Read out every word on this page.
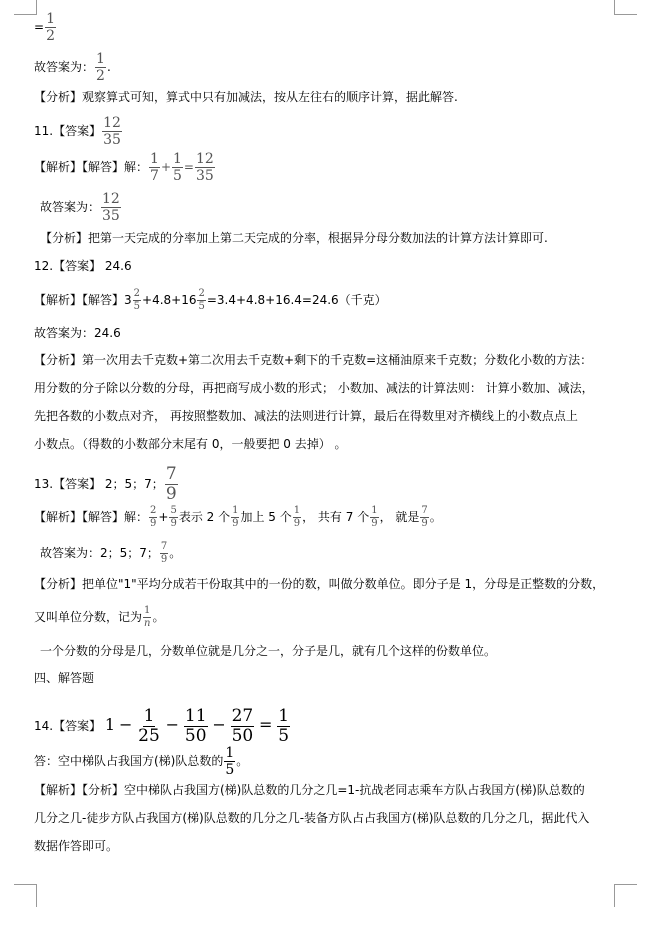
= $\frac{1}{2}$
故答案为： $\frac{1}{2}$ .
【分析】观察算式可知，算式中只有加减法，按从左往右的顺序计算，据此解答.
11.【答案】 $\frac{12}{35}$
【解析】【解答】解： $\frac{1}{7} + \frac{1}{5} = \frac{12}{35}$
故答案为： $\frac{12}{35}$
【分析】把第一天完成的分率加上第二天完成的分率，根据异分母分数加法的计算方法计算即可.
12.【答案】 24.6
【解析】【解答】$3 \frac{2}{5} +4.8+16 \frac{2}{5} =3.4+4.8+16.4=24.6$（千克）
故答案为：24.6
【分析】第一次用去千克数+第二次用去千克数+剩下的千克数=这桶油原来千克数；分数化小数的方法：
用分数的分子除以分数的分母，再把商写成小数的形式； 小数加、减法的计算法则： 计算小数加、减法，
先把各数的小数点对齐， 再按照整数加、减法的法则进行计算，最后在得数里对齐横线上的小数点点上
小数点。（得数的小数部分末尾有 0，一般要把 0 去掉） 。
13.【答案】 2；5；7； $\frac{7}{9}$
【解析】【解答】解： $\frac{2}{9} + \frac{5}{9}$ 表示 2 个 $\frac{1}{9}$ 加上 5 个 $\frac{1}{9}$ ， 共有 7 个 $\frac{1}{9}$ ， 就是 $\frac{7}{9}$ 。
故答案为：2；5；7； $\frac{7}{9}$ 。
【分析】把单位"1"平均分成若干份取其中的一份的数，叫做分数单位。即分子是 1，分母是正整数的分数，
又叫单位分数，记为 $\frac{1}{n}$ 。
一个分数的分母是几，分数单位就是几分之一，分子是几，就有几个这样的份数单位。
四、解答题
14.【答案】 $1 - \frac{1}{25} - \frac{11}{50} - \frac{27}{50} = \frac{1}{5}$
答：空中梯队占我国方(梯)队总数的 $\frac{1}{5}$ 。
【解析】【分析】空中梯队占我国方(梯)队总数的几分之几=1-抗战老同志乘车方队占我国方(梯)队总数的
几分之几-徒步方队占我国方(梯)队总数的几分之几-装备方队占占我国方(梯)队总数的几分之几，据此代入
数据作答即可。
